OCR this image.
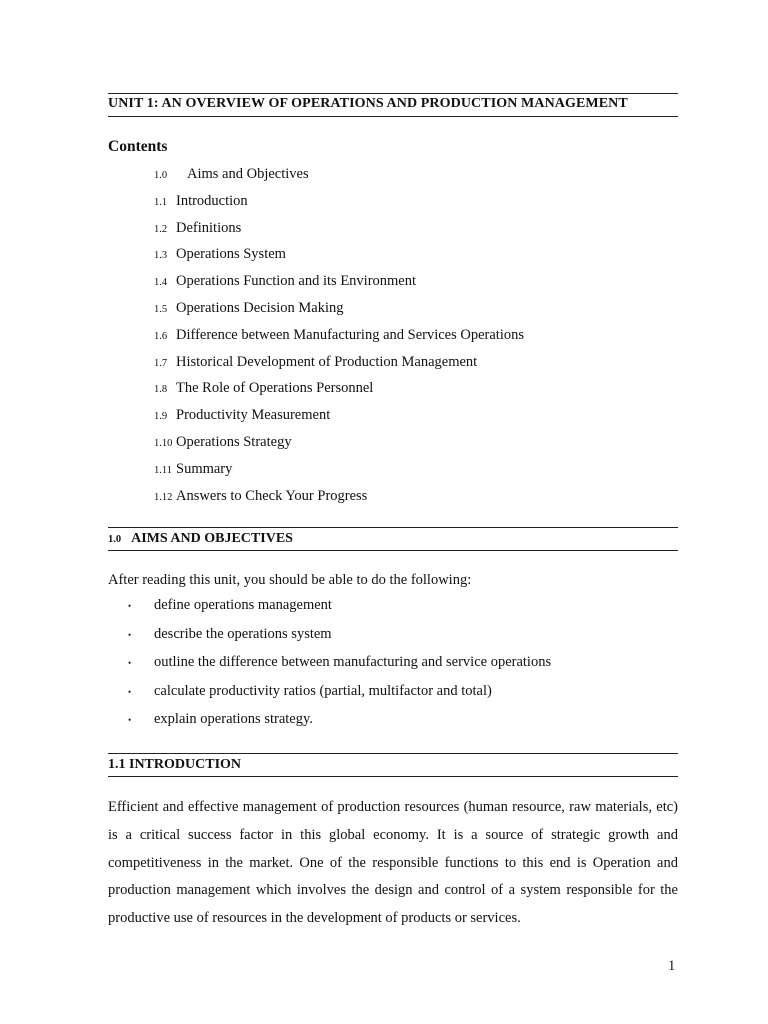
UNIT 1: AN OVERVIEW OF OPERATIONS AND PRODUCTION MANAGEMENT
Contents
1.0	Aims and Objectives
1.1 Introduction
1.2 Definitions
1.3 Operations System
1.4 Operations Function and its Environment
1.5 Operations Decision Making
1.6 Difference between Manufacturing and Services Operations
1.7 Historical Development of Production Management
1.8 The Role of Operations Personnel
1.9 Productivity Measurement
1.10 Operations Strategy
1.11 Summary
1.12 Answers to Check Your Progress
1.0 AIMS AND OBJECTIVES
After reading this unit, you should be able to do the following:
•	define operations management
•	describe the operations system
•	outline the difference between manufacturing and service operations
•	calculate productivity ratios (partial, multifactor and total)
•	explain operations strategy.
1.1 INTRODUCTION
Efficient and effective management of production resources (human resource, raw materials, etc) is a critical success factor in this global economy. It is a source of strategic growth and competitiveness in the market. One of the responsible functions to this end is Operation and production management which involves the design and control of a system responsible for the productive use of resources in the development of products or services.
1
